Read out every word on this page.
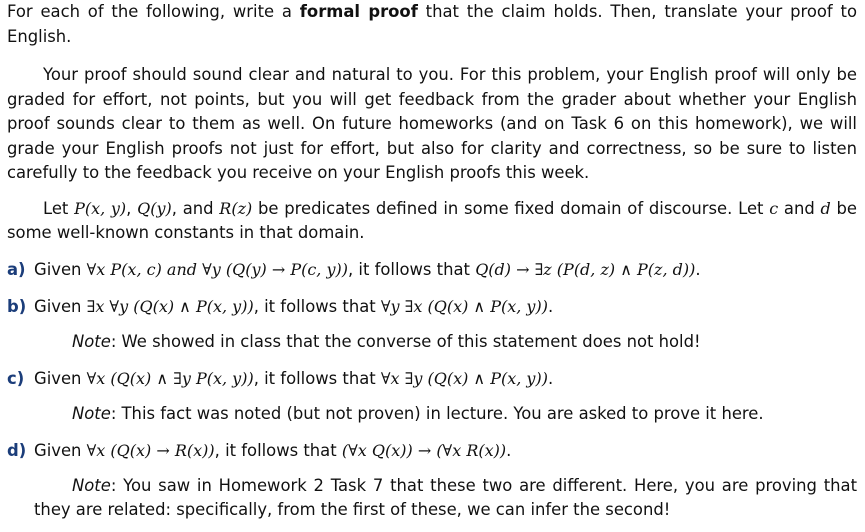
For each of the following, write a formal proof that the claim holds. Then, translate your proof to English.

Your proof should sound clear and natural to you. For this problem, your English proof will only be graded for effort, not points, but you will get feedback from the grader about whether your English proof sounds clear to them as well. On future homeworks (and on Task 6 on this homework), we will grade your English proofs not just for effort, but also for clarity and correctness, so be sure to listen carefully to the feedback you receive on your English proofs this week.

Let P(x, y), Q(y), and R(z) be predicates defined in some fixed domain of discourse. Let c and d be some well-known constants in that domain.

a) Given ∀x P(x, c) and ∀y (Q(y) → P(c, y)), it follows that Q(d) → ∃z (P(d, z) ∧ P(z, d)).
b) Given ∃x ∀y (Q(x) ∧ P(x, y)), it follows that ∀y ∃x (Q(x) ∧ P(x, y)).
Note: We showed in class that the converse of this statement does not hold!
c) Given ∀x (Q(x) ∧ ∃y P(x, y)), it follows that ∀x ∃y (Q(x) ∧ P(x, y)).
Note: This fact was noted (but not proven) in lecture. You are asked to prove it here.
d) Given ∀x (Q(x) → R(x)), it follows that (∀x Q(x)) → (∀x R(x)).
Note: You saw in Homework 2 Task 7 that these two are different. Here, you are proving that
they are related: specifically, from the first of these, we can infer the second!
